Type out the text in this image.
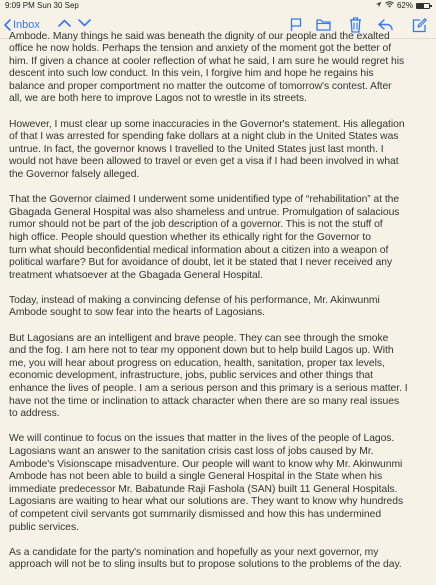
9:09 PM Sun 30 Sep	62%
Inbox
Ambode. Many things he said was beneath the dignity of our people and the exalted
office he now holds. Perhaps the tension and anxiety of the moment got the better of
him. If given a chance at cooler reflection of what he said, I am sure he would regret his
descent into such low conduct. In this vein, I forgive him and hope he regains his
balance and proper comportment no matter the outcome of tomorrow's contest. After
all, we are both here to improve Lagos not to wrestle in its streets.
However, I must clear up some inaccuracies in the Governor's statement. His allegation
of that I was arrested for spending fake dollars at a night club in the United States was
untrue. In fact, the governor knows I travelled to the United States just last month. I
would not have been allowed to travel or even get a visa if I had been involved in what
the Governor falsely alleged.
That the Governor claimed I underwent some unidentified type of “rehabilitation” at the
Gbagada General Hospital was also shameless and untrue. Promulgation of salacious
rumor should not be part of the job description of a governor. This is not the stuff of
high office. People should question whether its ethically right for the Governor to
turn what should beconfidential medical information about a citizen into a weapon of
political warfare? But for avoidance of doubt, let it be stated that I never received any
treatment whatsoever at the Gbagada General Hospital.
Today, instead of making a convincing defense of his performance, Mr. Akinwunmi
Ambode sought to sow fear into the hearts of Lagosians.
But Lagosians are an intelligent and brave people. They can see through the smoke
and the fog. I am here not to tear my opponent down but to help build Lagos up. With
me, you will hear about progress on education, health, sanitation, proper tax levels,
economic development, infrastructure, jobs, public services and other things that
enhance the lives of people. I am a serious person and this primary is a serious matter. I
have not the time or inclination to attack character when there are so many real issues
to address.
We will continue to focus on the issues that matter in the lives of the people of Lagos.
Lagosians want an answer to the sanitation crisis cast loss of jobs caused by Mr.
Ambode's Visionscape misadventure. Our people will want to know why Mr. Akinwunmi
Ambode has not been able to build a single General Hospital in the State when his
immediate predecessor Mr. Babatunde Raji Fashola (SAN) built 11 General Hospitals.
Lagosians are waiting to hear what our solutions are. They want to know why hundreds
of competent civil servants got summarily dismissed and how this has undermined
public services.
As a candidate for the party's nomination and hopefully as your next governor, my
approach will not be to sling insults but to propose solutions to the problems of the day.
